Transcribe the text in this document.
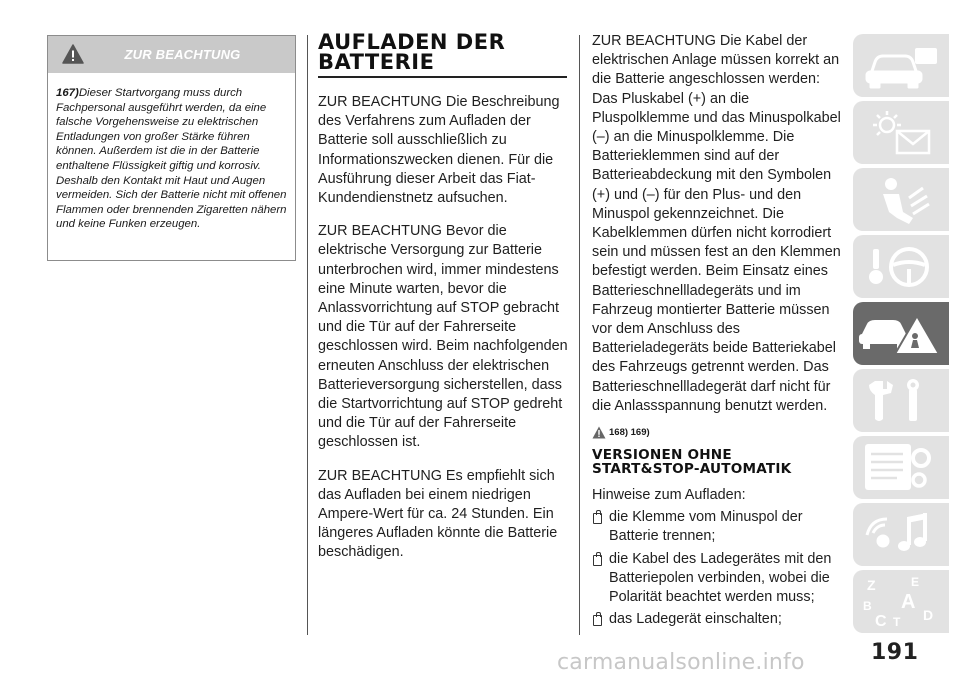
ZUR BEACHTUNG
167)Dieser Startvorgang muss durch Fachpersonal ausgeführt werden, da eine falsche Vorgehensweise zu elektrischen Entladungen von großer Stärke führen können. Außerdem ist die in der Batterie enthaltene Flüssigkeit giftig und korrosiv. Deshalb den Kontakt mit Haut und Augen vermeiden. Sich der Batterie nicht mit offenen Flammen oder brennenden Zigaretten nähern und keine Funken erzeugen.
AUFLADEN DER BATTERIE

ZUR BEACHTUNG Die Beschreibung des Verfahrens zum Aufladen der Batterie soll ausschließlich zu Informationszwecken dienen. Für die Ausführung dieser Arbeit das Fiat-Kundendienstnetz aufsuchen.

ZUR BEACHTUNG Bevor die elektrische Versorgung zur Batterie unterbrochen wird, immer mindestens eine Minute warten, bevor die Anlassvorrichtung auf STOP gebracht und die Tür auf der Fahrerseite geschlossen wird. Beim nachfolgenden erneuten Anschluss der elektrischen Batterieversorgung sicherstellen, dass die Startvorrichtung auf STOP gedreht und die Tür auf der Fahrerseite geschlossen ist.

ZUR BEACHTUNG Es empfiehlt sich das Aufladen bei einem niedrigen Ampere-Wert für ca. 24 Stunden. Ein längeres Aufladen könnte die Batterie beschädigen.

ZUR BEACHTUNG Die Kabel der elektrischen Anlage müssen korrekt an die Batterie angeschlossen werden: Das Pluskabel (+) an die Pluspolklemme und das Minuspolkabel (–) an die Minuspolklemme. Die Batterieklemmen sind auf der Batterieabdeckung mit den Symbolen (+) und (–) für den Plus- und den Minuspol gekennzeichnet. Die Kabelklemmen dürfen nicht korrodiert sein und müssen fest an den Klemmen befestigt werden. Beim Einsatz eines Batterieschnellladegeräts und im Fahrzeug montierter Batterie müssen vor dem Anschluss des Batterieladegeräts beide Batteriekabel des Fahrzeugs getrennt werden. Das Batterieschnellladegerät darf nicht für die Anlassspannung benutzt werden.
168) 169)
VERSIONEN OHNE START&STOP-AUTOMATIK
Hinweise zum Aufladen:
die Klemme vom Minuspol der Batterie trennen;
die Kabel des Ladegerätes mit den Batteriepolen verbinden, wobei die Polarität beachtet werden muss;
das Ladegerät einschalten;
Z	E
B A
C T D
191
carmanualsonline.info
